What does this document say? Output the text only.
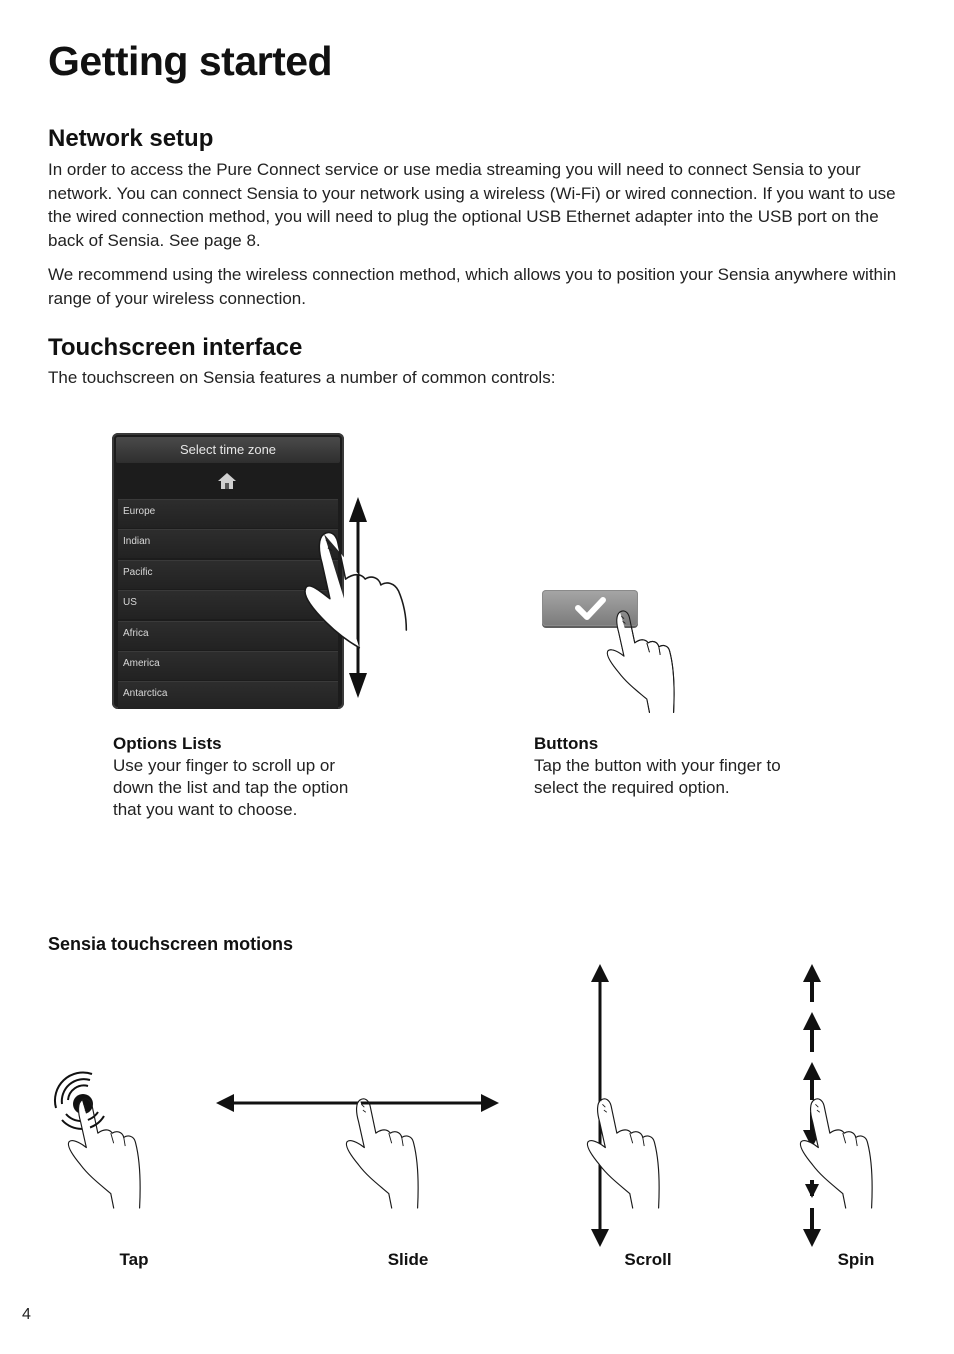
Getting started
Network setup

In order to access the Pure Connect service or use media streaming you will need to connect Sensia to your network. You can connect Sensia to your network using a wireless (Wi-Fi) or wired connection. If you want to use the wired connection method, you will need to plug the optional USB Ethernet adapter into the USB port on the back of Sensia. See page 8.

We recommend using the wireless connection method, which allows you to position your Sensia anywhere within range of your wireless connection.

Touchscreen interface

The touchscreen on Sensia features a number of common controls:

Select time zone
Europe
Indian
Pacific
US
Africa
America
Antarctica
Options Lists
Use your finger to scroll up or down the list and tap the option that you want to choose.
Buttons
Tap the button with your finger to select the required option.
Sensia touchscreen motions
Tap	Slide	Scroll	Spin
4
